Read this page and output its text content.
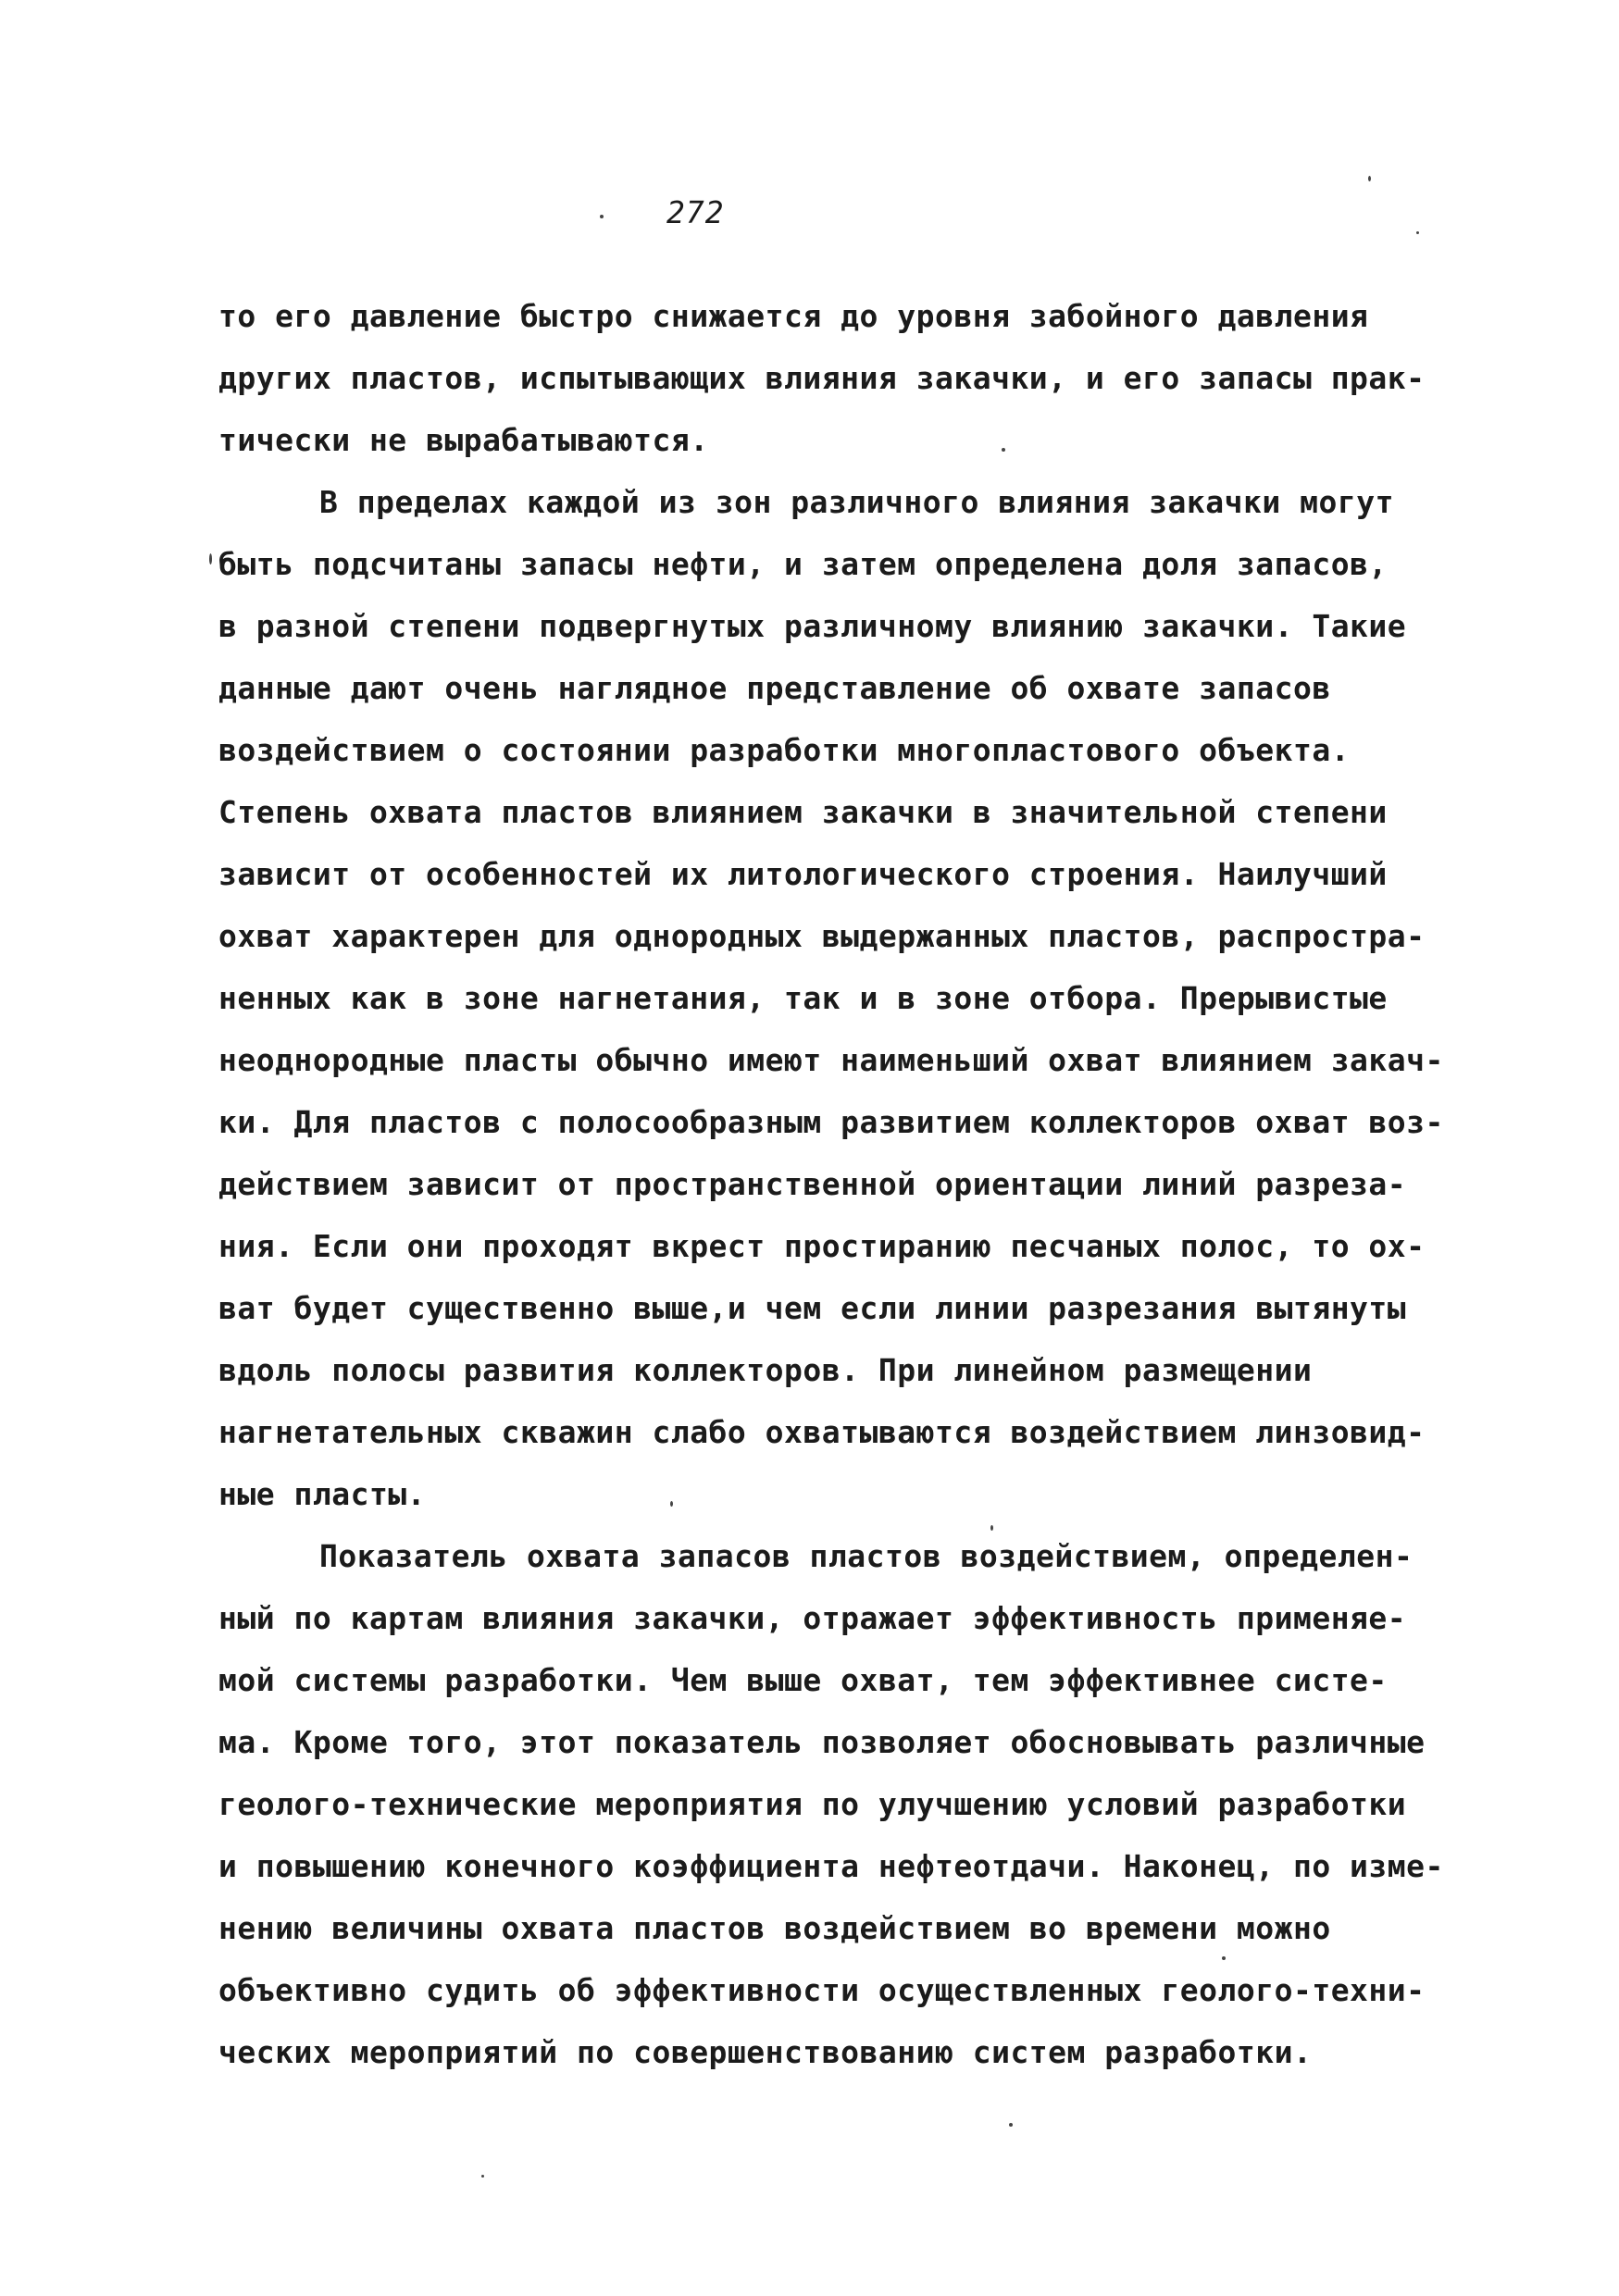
272
то его давление быстро снижается до уровня забойного давления
других пластов, испытывающих влияния закачки, и его запасы прак-
тически не вырабатываются.
В пределах каждой из зон различного влияния закачки могут
быть подсчитаны запасы нефти, и затем определена доля запасов,
в разной степени подвергнутых различному влиянию закачки. Такие
данные дают очень наглядное представление об охвате запасов
воздействием о состоянии разработки многопластового объекта.
Степень охвата пластов влиянием закачки в значительной степени
зависит от особенностей их литологического строения. Наилучший
охват характерен для однородных выдержанных пластов, распростра-
ненных как в зоне нагнетания, так и в зоне отбора. Прерывистые
неоднородные пласты обычно имеют наименьший охват влиянием закач-
ки. Для пластов с полосообразным развитием коллекторов охват воз-
действием зависит от пространственной ориентации линий разреза-
ния. Если они проходят вкрест простиранию песчаных полос, то ох-
ват будет существенно выше,и чем если линии разрезания вытянуты
вдоль полосы развития коллекторов. При линейном размещении
нагнетательных скважин слабо охватываются воздействием линзовид-
ные пласты.
Показатель охвата запасов пластов воздействием, определен-
ный по картам влияния закачки, отражает эффективность применяе-
мой системы разработки. Чем выше охват, тем эффективнее систе-
ма. Кроме того, этот показатель позволяет обосновывать различные
геолого-технические мероприятия по улучшению условий разработки
и повышению конечного коэффициента нефтеотдачи. Наконец, по изме-
нению величины охвата пластов воздействием во времени можно
объективно судить об эффективности осуществленных геолого-техни-
ческих мероприятий по совершенствованию систем разработки.
